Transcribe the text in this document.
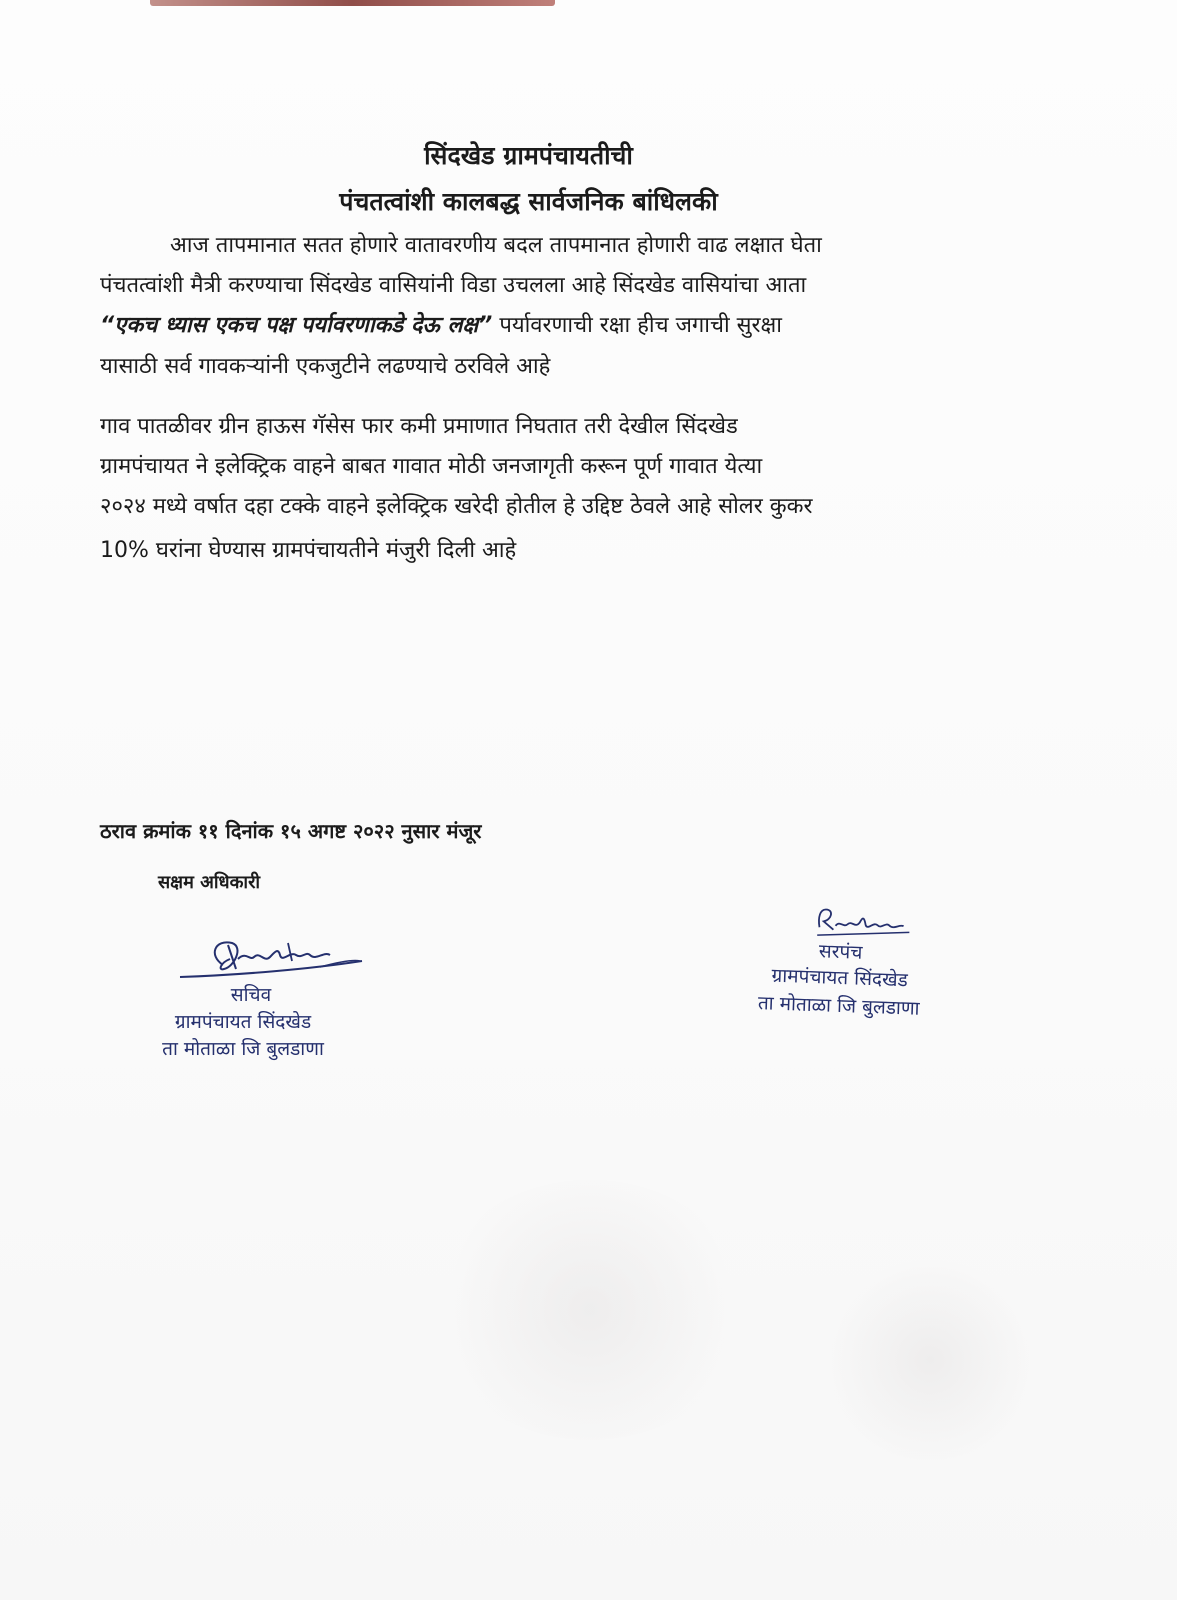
सिंदखेड ग्रामपंचायतीची
पंचतत्वांशी कालबद्ध सार्वजनिक बांधिलकी
आज तापमानात सतत होणारे वातावरणीय बदल तापमानात होणारी वाढ लक्षात घेता
पंचतत्वांशी मैत्री करण्याचा सिंदखेड वासियांनी विडा उचलला आहे सिंदखेड वासियांचा आता
“एकच ध्यास एकच पक्ष पर्यावरणाकडे देऊ लक्ष” पर्यावरणाची रक्षा हीच जगाची सुरक्षा
यासाठी सर्व गावकऱ्यांनी एकजुटीने लढण्याचे ठरविले आहे
गाव पातळीवर ग्रीन हाऊस गॅसेस फार कमी प्रमाणात निघतात तरी देखील सिंदखेड
ग्रामपंचायत ने इलेक्ट्रिक वाहने बाबत गावात मोठी जनजागृती करून पूर्ण गावात येत्या
२०२४ मध्ये वर्षात दहा टक्के वाहने इलेक्ट्रिक खरेदी होतील हे उद्दिष्ट ठेवले आहे सोलर कुकर
10% घरांना घेण्यास ग्रामपंचायतीने मंजुरी दिली आहे
ठराव क्रमांक ११ दिनांक १५ अगष्ट २०२२ नुसार मंजूर
सक्षम अधिकारी
सचिव
ग्रामपंचायत सिंदखेड
ता मोताळा जि बुलडाणा
सरपंच
ग्रामपंचायत सिंदखेड
ता मोताळा जि बुलडाणा
